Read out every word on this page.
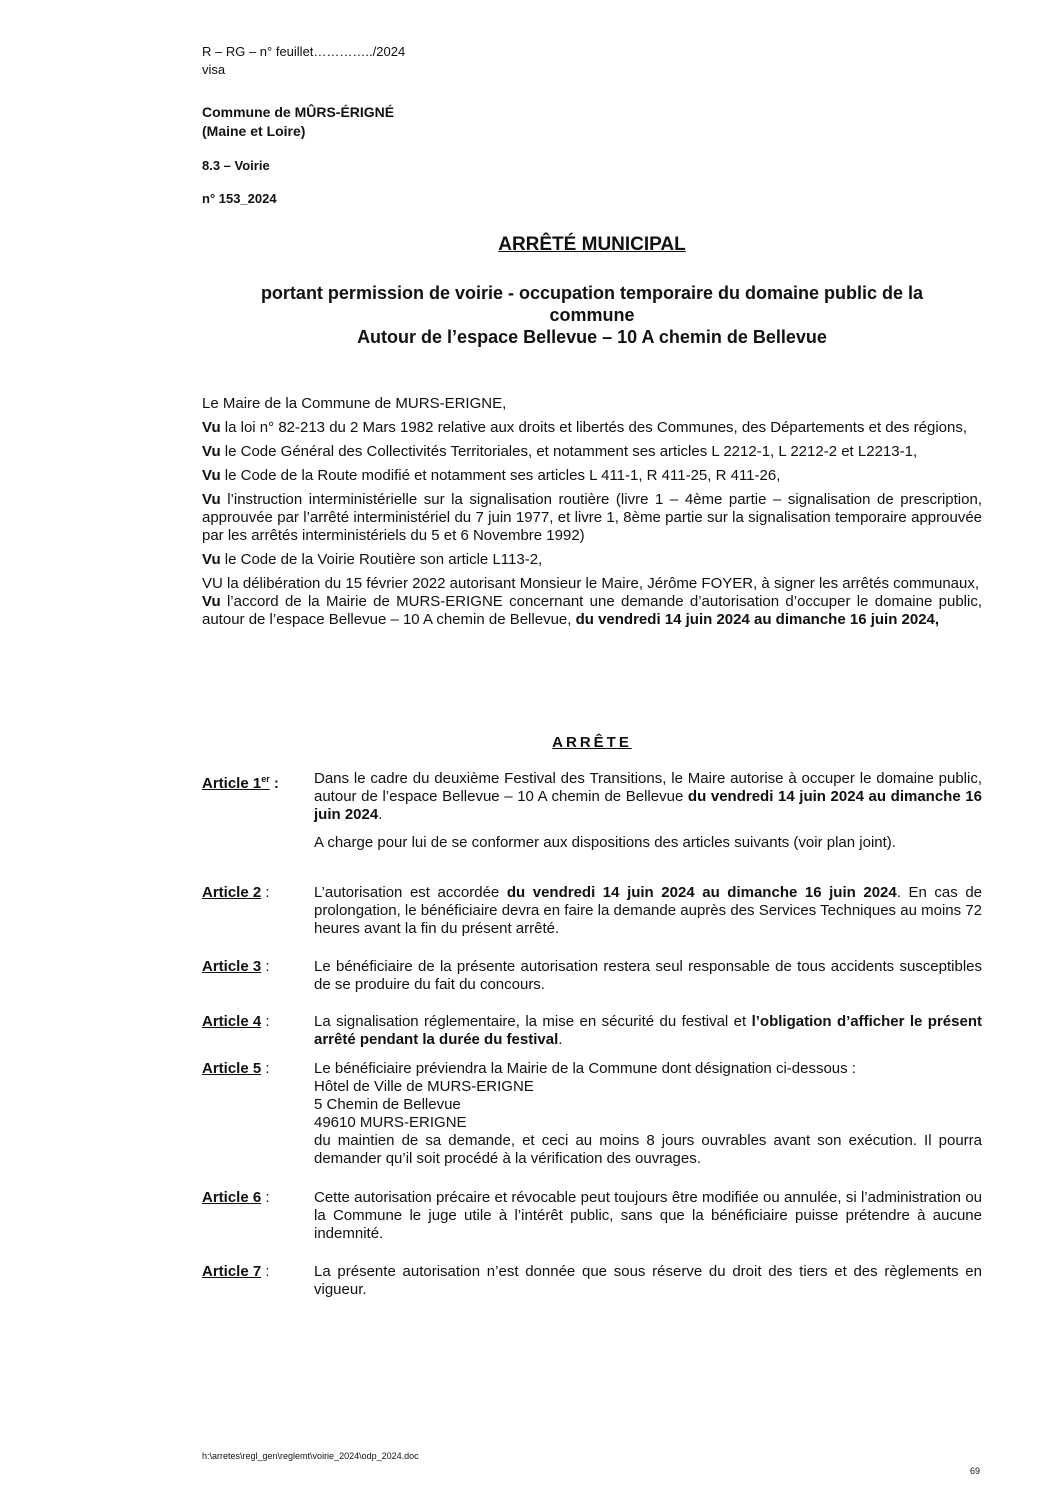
R – RG – n° feuillet…………../2024
visa
Commune de MÛRS-ÉRIGNÉ
(Maine et Loire)
8.3 – Voirie
n° 153_2024
ARRÊTÉ MUNICIPAL
portant permission de voirie - occupation temporaire du domaine public de la
commune
Autour de l’espace Bellevue – 10 A chemin de Bellevue

Le Maire de la Commune de MURS-ERIGNE,

Vu la loi n° 82-213 du 2 Mars 1982 relative aux droits et libertés des Communes, des Départements et des régions,

Vu le Code Général des Collectivités Territoriales, et notamment ses articles L 2212-1, L 2212-2 et L2213-1,

Vu le Code de la Route modifié et notamment ses articles L 411-1, R 411-25, R 411-26,

Vu l’instruction interministérielle sur la signalisation routière (livre 1 – 4ème partie – signalisation de prescription, approuvée par l’arrêté interministériel du 7 juin 1977, et livre 1, 8ème partie sur la signalisation temporaire approuvée par les arrêtés interministériels du 5 et 6 Novembre 1992)

Vu le Code de la Voirie Routière son article L113-2,

VU la délibération du 15 février 2022 autorisant Monsieur le Maire, Jérôme FOYER, à signer les arrêtés communaux,

Vu l’accord de la Mairie de MURS-ERIGNE concernant une demande d’autorisation d’occuper le domaine public, autour de l’espace Bellevue – 10 A chemin de Bellevue, du vendredi 14 juin 2024 au dimanche 16 juin 2024,

ARRÊTE
Article 1er :	Dans le cadre du deuxième Festival des Transitions, le Maire autorise à occuper le domaine public, autour de l’espace Bellevue – 10 A chemin de Bellevue du vendredi 14 juin 2024 au dimanche 16 juin 2024.

A charge pour lui de se conformer aux dispositions des articles suivants (voir plan joint).

Article 2 :	L’autorisation est accordée du vendredi 14 juin 2024 au dimanche 16 juin 2024. En cas de prolongation, le bénéficiaire devra en faire la demande auprès des Services Techniques au moins 72 heures avant la fin du présent arrêté.

Article 3 :	Le bénéficiaire de la présente autorisation restera seul responsable de tous accidents susceptibles de se produire du fait du concours.

Article 4 :	La signalisation réglementaire, la mise en sécurité du festival et l’obligation d’afficher le présent arrêté pendant la durée du festival.

Article 5 :	Le bénéficiaire préviendra la Mairie de la Commune dont désignation ci-dessous :
Hôtel de Ville de MURS-ERIGNE
5 Chemin de Bellevue
49610 MURS-ERIGNE
du maintien de sa demande, et ceci au moins 8 jours ouvrables avant son exécution. Il pourra demander qu’il soit procédé à la vérification des ouvrages.
Article 6 :	Cette autorisation précaire et révocable peut toujours être modifiée ou annulée, si l’administration ou la Commune le juge utile à l’intérêt public, sans que la bénéficiaire puisse prétendre à aucune indemnité.

Article 7 :	La présente autorisation n’est donnée que sous réserve du droit des tiers et des règlements en vigueur.

h:\arretes\regl_gen\reglemt\voirie_2024\odp_2024.doc
69
